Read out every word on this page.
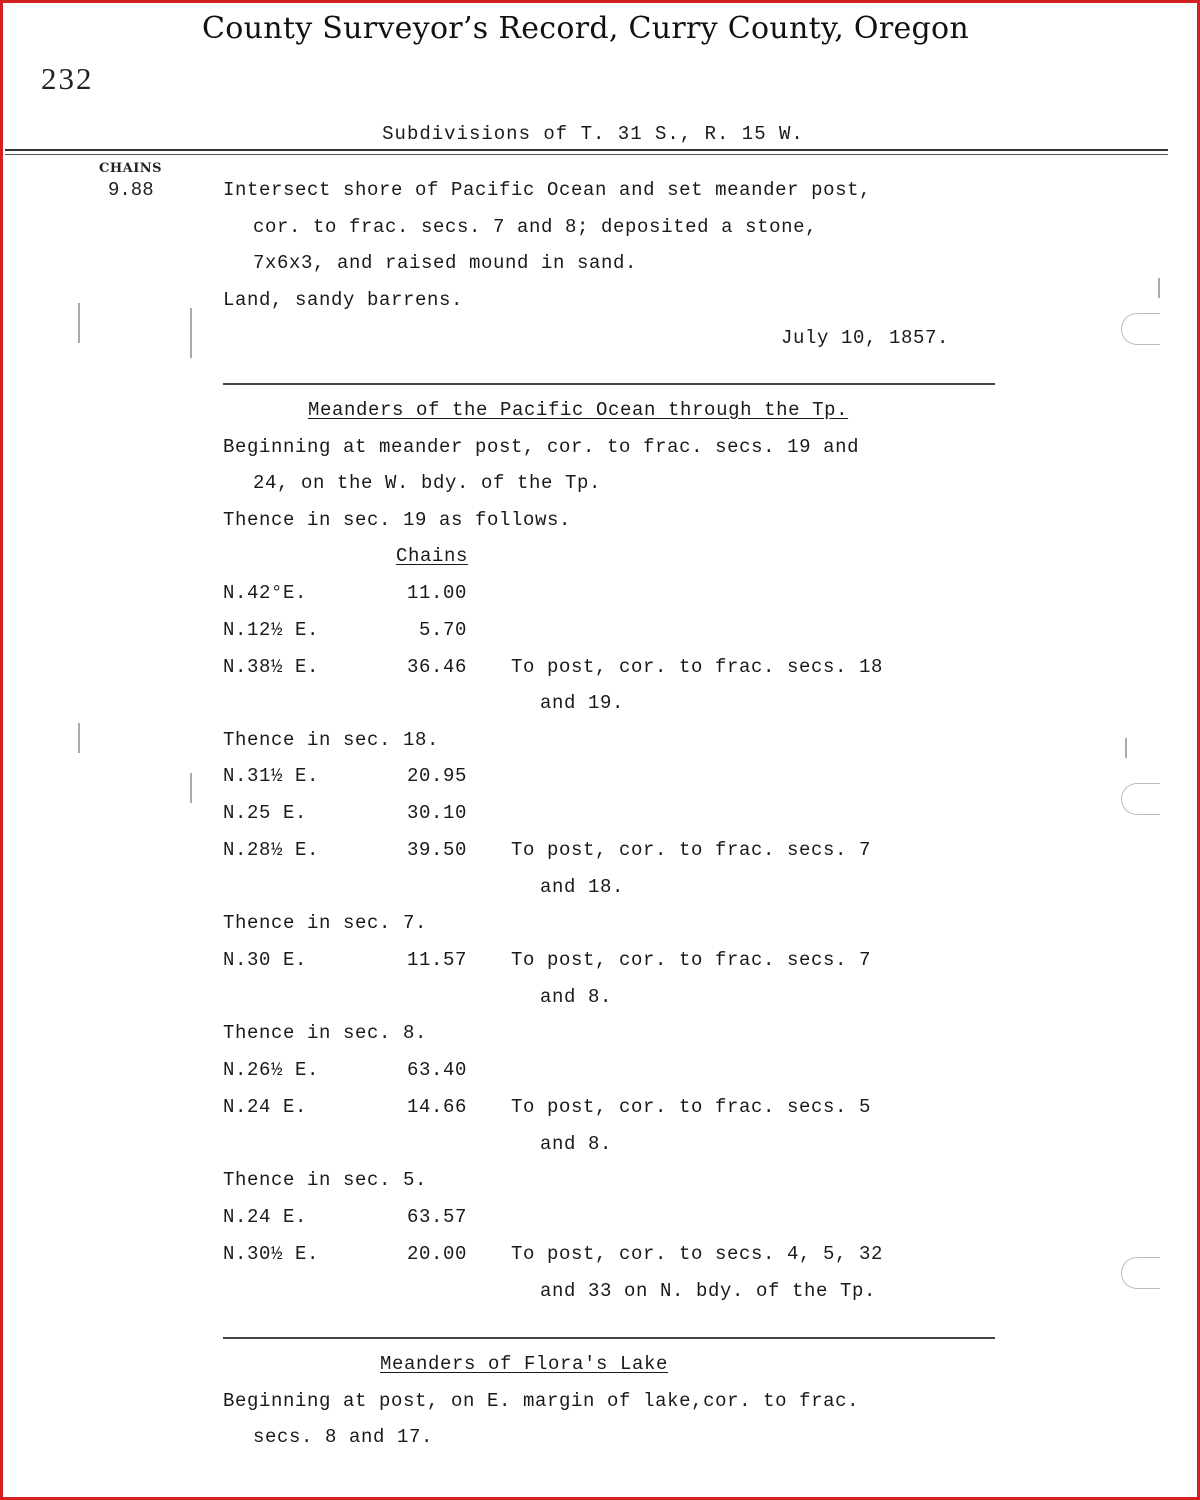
County Surveyor’s Record, Curry County, Oregon
232
Subdivisions of T. 31 S., R. 15 W.
CHAINS
9.88	Intersect shore of Pacific Ocean and set meander post,
cor. to frac. secs. 7 and 8; deposited a stone,
7x6x3, and raised mound in sand.
Land, sandy barrens.
July 10, 1857.
Meanders of the Pacific Ocean through the Tp.
Beginning at meander post, cor. to frac. secs. 19 and
24, on the W. bdy. of the Tp.
Thence in sec. 19 as follows.
Chains
N.42°E.	11.00
N.12½ E.	5.70
N.38½ E.	36.46 To post, cor. to frac. secs. 18
and 19.
Thence in sec. 18.
N.31½ E.	20.95
N.25 E.	30.10
N.28½ E.	39.50 To post, cor. to frac. secs. 7
and 18.
Thence in sec. 7.
N.30 E.	11.57 To post, cor. to frac. secs. 7
and 8.
Thence in sec. 8.
N.26½ E.	63.40
N.24 E.	14.66 To post, cor. to frac. secs. 5
and 8.
Thence in sec. 5.
N.24 E.	63.57
N.30½ E.	20.00 To post, cor. to secs. 4, 5, 32
and 33 on N. bdy. of the Tp.
Meanders of Flora's Lake
Beginning at post, on E. margin of lake,cor. to frac.
secs. 8 and 17.
